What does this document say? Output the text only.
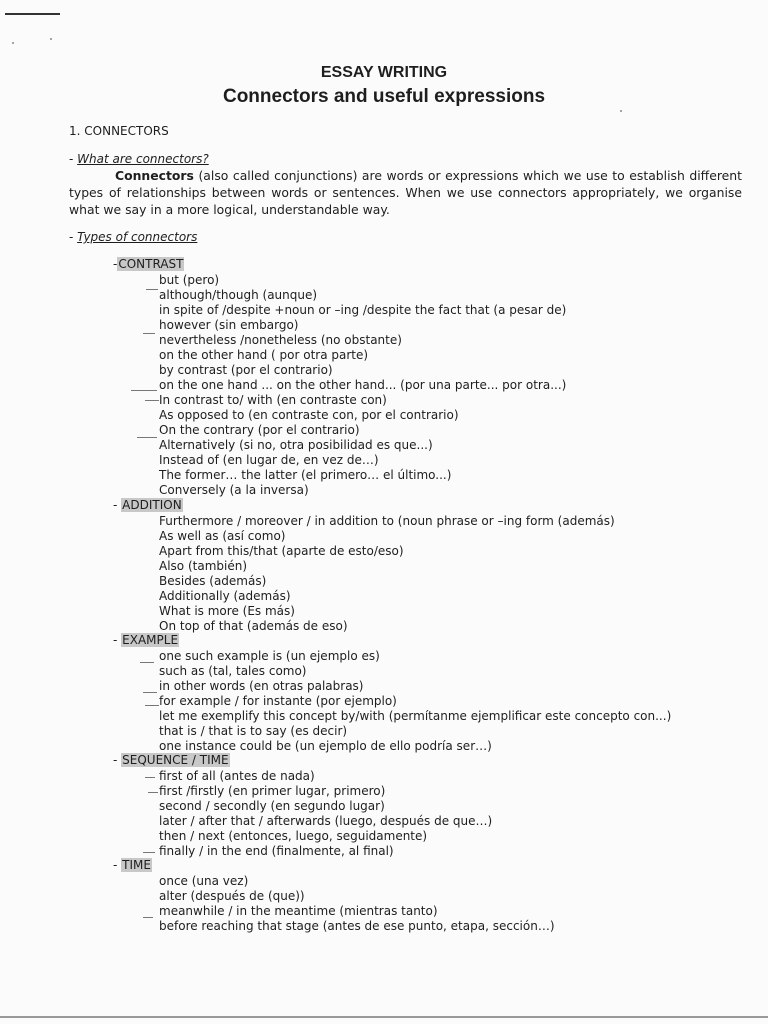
ESSAY WRITING
Connectors and useful expressions
1. CONNECTORS
- What are connectors?
Connectors (also called conjunctions) are words or expressions which we use to establish different types of relationships between words or sentences. When we use connectors appropriately, we organise what we say in a more logical, understandable way.
- Types of connectors
-CONTRAST
but (pero)
although/though (aunque)
in spite of /despite +noun or –ing /despite the fact that (a pesar de)
however (sin embargo)
nevertheless /nonetheless (no obstante)
on the other hand ( por otra parte)
by contrast (por el contrario)
on the one hand ... on the other hand... (por una parte... por otra...)
In contrast to/ with (en contraste con)
As opposed to (en contraste con, por el contrario)
On the contrary (por el contrario)
Alternatively (si no, otra posibilidad es que...)
Instead of (en lugar de, en vez de…)
The former… the latter (el primero… el último...)
Conversely (a la inversa)
- ADDITION
Furthermore / moreover / in addition to (noun phrase or –ing form (además)
As well as (así como)
Apart from this/that (aparte de esto/eso)
Also (también)
Besides (además)
Additionally (además)
What is more (Es más)
On top of that (además de eso)
- EXAMPLE
one such example is (un ejemplo es)
such as (tal, tales como)
in other words (en otras palabras)
for example / for instante (por ejemplo)
let me exemplify this concept by/with (permítanme ejemplificar este concepto con...)
that is / that is to say (es decir)
one instance could be (un ejemplo de ello podría ser…)
- SEQUENCE / TIME
first of all (antes de nada)
first /firstly (en primer lugar, primero)
second / secondly (en segundo lugar)
later / after that / afterwards (luego, después de que…)
then / next (entonces, luego, seguidamente)
finally / in the end (finalmente, al final)
- TIME
once (una vez)
alter (después de (que))
meanwhile / in the meantime (mientras tanto)
before reaching that stage (antes de ese punto, etapa, sección…)
